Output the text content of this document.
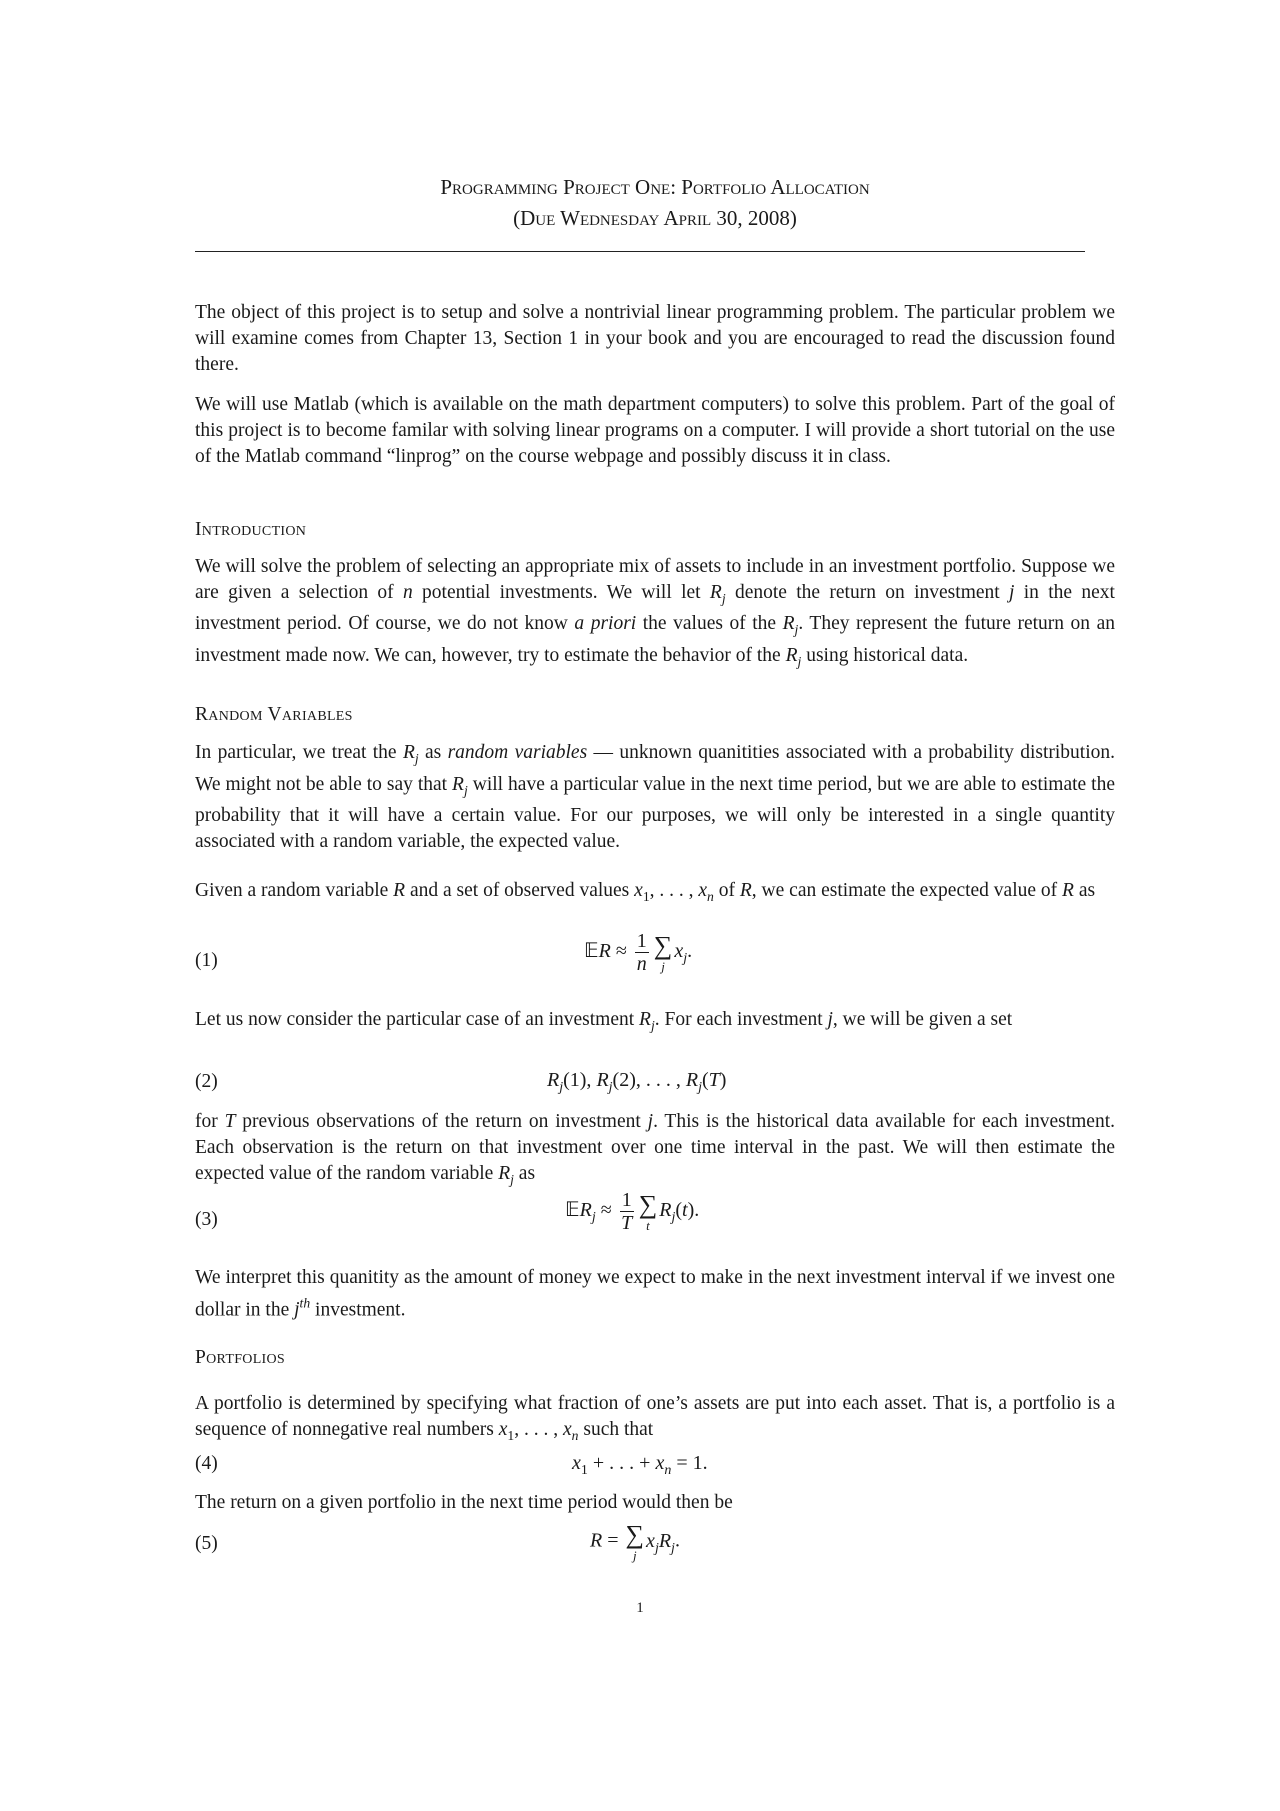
Programming Project One: Portfolio Allocation
(Due Wednesday April 30, 2008)

The object of this project is to setup and solve a nontrivial linear programming problem. The particular problem we will examine comes from Chapter 13, Section 1 in your book and you are encouraged to read the discussion found there.

We will use Matlab (which is available on the math department computers) to solve this problem. Part of the goal of this project is to become familar with solving linear programs on a computer. I will provide a short tutorial on the use of the Matlab command “linprog” on the course webpage and possibly discuss it in class.

Introduction

We will solve the problem of selecting an appropriate mix of assets to include in an investment portfolio. Suppose we are given a selection of n potential investments. We will let $R_j$ denote the return on investment j in the next investment period. Of course, we do not know a priori the values of the $R_j$. They represent the future return on an investment made now. We can, however, try to estimate the behavior of the $R_j$ using historical data.

Random Variables

In particular, we treat the $R_j$ as random variables — unknown quanitities associated with a probability distribution. We might not be able to say that $R_j$ will have a particular value in the next time period, but we are able to estimate the probability that it will have a certain value. For our purposes, we will only be interested in a single quantity associated with a random variable, the expected value.

Given a random variable R and a set of observed values $x_1$, . . . , $x_n$ of R, we can estimate the expected value of R as

(1)	𝔼R ≈ $\frac{1}{n}$ ∑
j
$x_j$.

Let us now consider the particular case of an investment $R_j$. For each investment j, we will be given a set

(2)	$R_j(1)$, $R_j(2)$, . . . , $R_j(T)$

for T previous observations of the return on investment j. This is the historical data available for each investment. Each observation is the return on that investment over one time interval in the past. We will then estimate the expected value of the random variable $R_j$ as

(3)	𝔼R$_j$ ≈ $\frac{1}{T}$ ∑
t
$R_j(t)$.

We interpret this quanitity as the amount of money we expect to make in the next investment interval if we invest one dollar in the $j^{th}$ investment.

Portfolios

A portfolio is determined by specifying what fraction of one’s assets are put into each asset. That is, a portfolio is a sequence of nonnegative real numbers $x_1$, . . . , $x_n$ such that

(4)	$x_1$ + . . . + $x_n = 1$.

The return on a given portfolio in the next time period would then be

(5)	R = ∑
j
$x_jR_j$.
1
